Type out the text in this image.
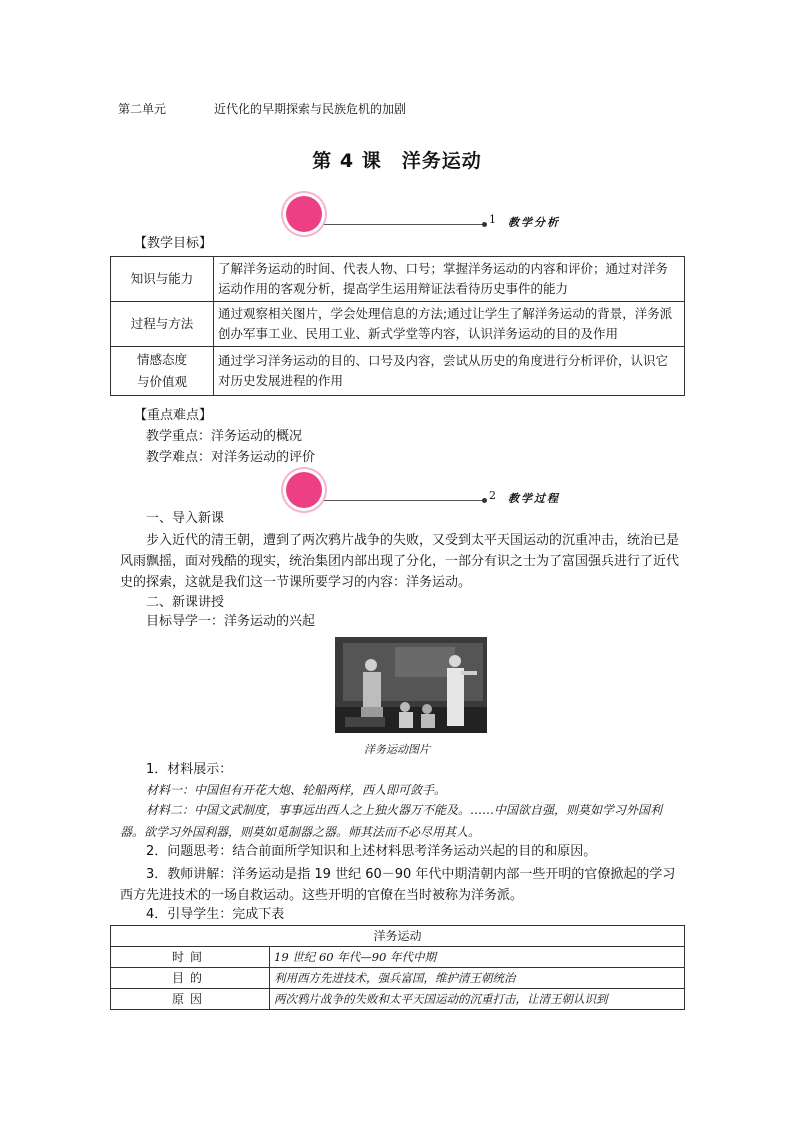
第二单元	近代化的早期探索与民族危机的加剧
第 4 课　洋务运动
1 教学分析
【教学目标】
知识与能力	了解洋务运动的时间、代表人物、口号；掌握洋务运动的内容和评价；通过对洋务运动作用的客观分析，提高学生运用辩证法看待历史事件的能力
过程与方法	通过观察相关图片，学会处理信息的方法;通过让学生了解洋务运动的背景，洋务派创办军事工业、民用工业、新式学堂等内容，认识洋务运动的目的及作用
情感态度
与价值观	通过学习洋务运动的目的、口号及内容，尝试从历史的角度进行分析评价，认识它对历史发展进程的作用
【重点难点】
教学重点：洋务运动的概况
教学难点：对洋务运动的评价
2 教学过程
一、导入新课
步入近代的清王朝，遭到了两次鸦片战争的失败，又受到太平天国运动的沉重冲击，统治已是风雨飘摇，面对残酷的现实，统治集团内部出现了分化，一部分有识之士为了富国强兵进行了近代史的探索，这就是我们这一节课所要学习的内容：洋务运动。
二、新课讲授
目标导学一：洋务运动的兴起
洋务运动图片
1．材料展示：
材料一：中国但有开花大炮、轮船两样，西人即可敛手。
材料二：中国文武制度，事事远出西人之上独火器万不能及。……中国欲自强，则莫如学习外国利器。欲学习外国利器，则莫如觅制器之器。师其法而不必尽用其人。
2．问题思考：结合前面所学知识和上述材料思考洋务运动兴起的目的和原因。
3．教师讲解：洋务运动是指 19 世纪 60－90 年代中期清朝内部一些开明的官僚掀起的学习西方先进技术的一场自救运动。这些开明的官僚在当时被称为洋务派。
4．引导学生：完成下表
洋务运动	
时间	19 世纪 60 年代—90 年代中期
目的	利用西方先进技术，强兵富国，维护清王朝统治
原因	两次鸦片战争的失败和太平天国运动的沉重打击，让清王朝认识到
